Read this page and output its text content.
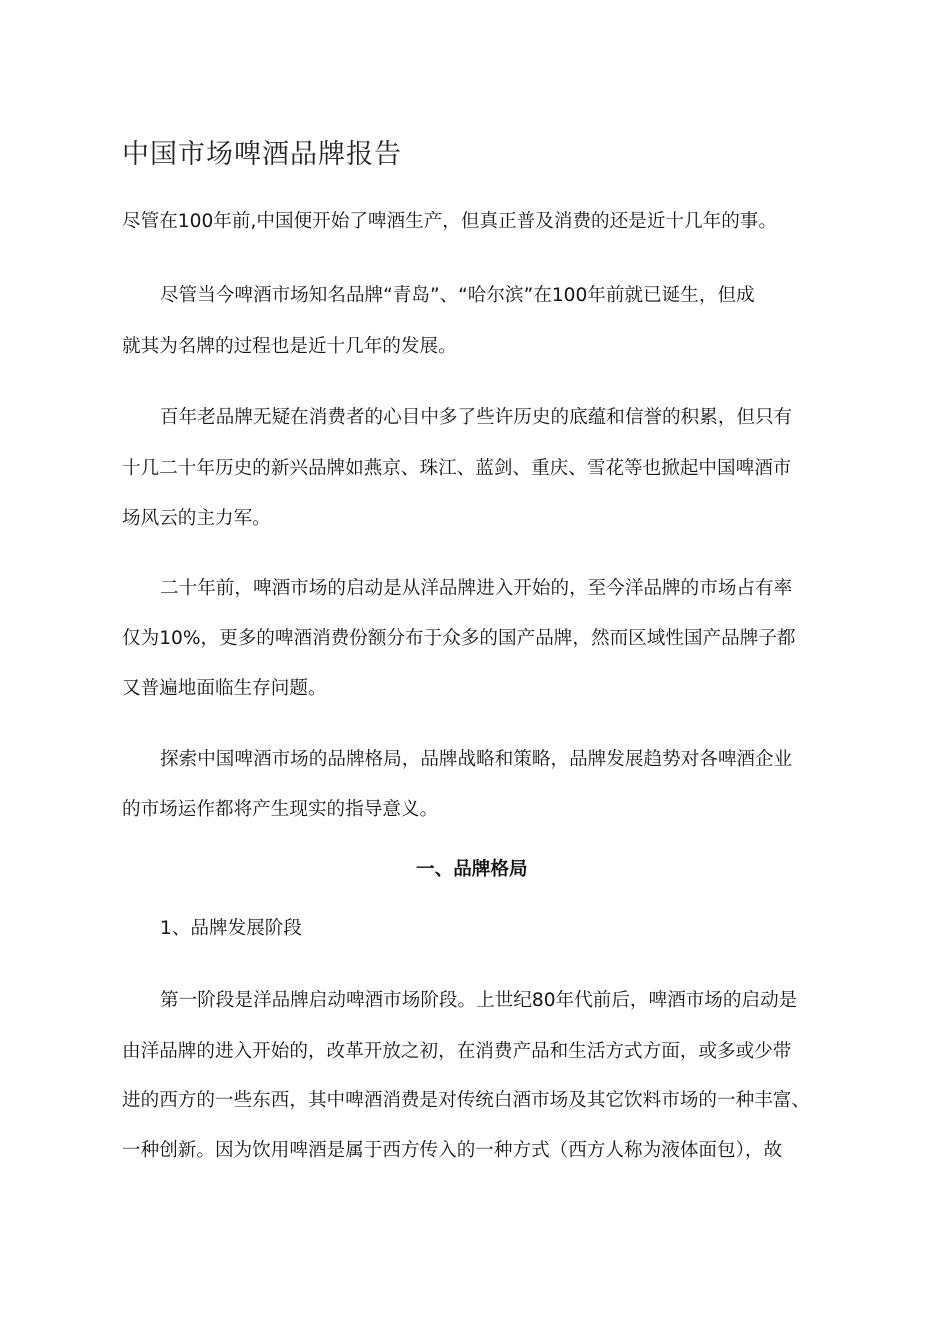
中国市场啤酒品牌报告
尽管在100年前,中国便开始了啤酒生产，但真正普及消费的还是近十几年的事。
尽管当今啤酒市场知名品牌“青岛”、“哈尔滨”在100年前就已诞生，但成
就其为名牌的过程也是近十几年的发展。
百年老品牌无疑在消费者的心目中多了些许历史的底蕴和信誉的积累，但只有
十几二十年历史的新兴品牌如燕京、珠江、蓝剑、重庆、雪花等也掀起中国啤酒市
场风云的主力军。
二十年前，啤酒市场的启动是从洋品牌进入开始的，至今洋品牌的市场占有率
仅为10%，更多的啤酒消费份额分布于众多的国产品牌，然而区域性国产品牌子都
又普遍地面临生存问题。
探索中国啤酒市场的品牌格局，品牌战略和策略，品牌发展趋势对各啤酒企业
的市场运作都将产生现实的指导意义。
一、品牌格局
1、品牌发展阶段
第一阶段是洋品牌启动啤酒市场阶段。上世纪80年代前后，啤酒市场的启动是
由洋品牌的进入开始的，改革开放之初，在消费产品和生活方式方面，或多或少带
进的西方的一些东西，其中啤酒消费是对传统白酒市场及其它饮料市场的一种丰富、
一种创新。因为饮用啤酒是属于西方传入的一种方式（西方人称为液体面包），故
